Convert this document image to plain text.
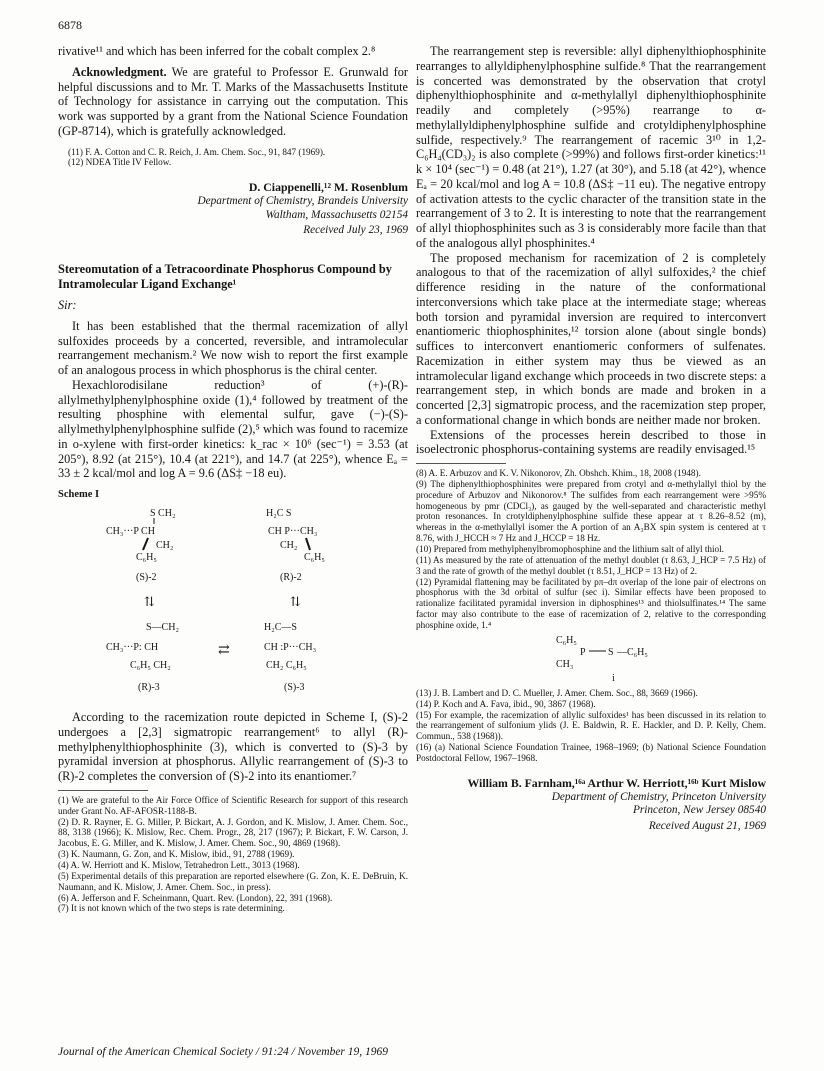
6878

rivative¹¹ and which has been inferred for the cobalt complex 2.⁸

Acknowledgment. We are grateful to Professor E. Grunwald for helpful discussions and to Mr. T. Marks of the Massachusetts Institute of Technology for assistance in carrying out the computation. This work was supported by a grant from the National Science Foundation (GP-8714), which is gratefully acknowledged.

(11) F. A. Cotton and C. R. Reich, J. Am. Chem. Soc., 91, 847 (1969).

(12) NDEA Title IV Fellow.

D. Ciappenelli,¹² M. Rosenblum

Department of Chemistry, Brandeis University

Waltham, Massachusetts 02154

Received July 23, 1969

Stereomutation of a Tetracoordinate Phosphorus Compound by Intramolecular Ligand Exchange¹

Sir:

It has been established that the thermal racemization of allyl sulfoxides proceeds by a concerted, reversible, and intramolecular rearrangement mechanism.² We now wish to report the first example of an analogous process in which phosphorus is the chiral center.

Hexachlorodisilane reduction³ of (+)-(R)-allylmethylphenylphosphine oxide (1),⁴ followed by treatment of the resulting phosphine with elemental sulfur, gave (−)-(S)-allylmethylphenylphosphine sulfide (2),⁵ which was found to racemize in o-xylene with first-order kinetics: k_rac × 10⁶ (sec⁻¹) = 3.53 (at 205°), 8.92 (at 215°), 10.4 (at 221°), and 14.7 (at 225°), whence Eₐ = 33 ± 2 kcal/mol and log A = 9.6 (ΔS‡ −18 eu).

Scheme I

S CH₂
CH₃···P CH
CH₂
C₆H₅
(S)-2
H₂C S
CH P···CH₃
CH₂
C₆H₅
(R)-2
⇅	⇅
S—CH₂
CH₃···P: CH
C₆H₅ CH₂
(R)-3
⇄
H₂C—S
CH :P···CH₃
CH₂ C₆H₅
(S)-3

According to the racemization route depicted in Scheme I, (S)-2 undergoes a [2,3] sigmatropic rearrangement⁶ to allyl (R)-methylphenylthiophosphinite (3), which is converted to (S)-3 by pyramidal inversion at phosphorus. Allylic rearrangement of (S)-3 to (R)-2 completes the conversion of (S)-2 into its enantiomer.⁷

(1) We are grateful to the Air Force Office of Scientific Research for support of this research under Grant No. AF-AFOSR-1188-B.

(2) D. R. Rayner, E. G. Miller, P. Bickart, A. J. Gordon, and K. Mislow, J. Amer. Chem. Soc., 88, 3138 (1966); K. Mislow, Rec. Chem. Progr., 28, 217 (1967); P. Bickart, F. W. Carson, J. Jacobus, E. G. Miller, and K. Mislow, J. Amer. Chem. Soc., 90, 4869 (1968).

(3) K. Naumann, G. Zon, and K. Mislow, ibid., 91, 2788 (1969).

(4) A. W. Herriott and K. Mislow, Tetrahedron Lett., 3013 (1968).

(5) Experimental details of this preparation are reported elsewhere (G. Zon, K. E. DeBruin, K. Naumann, and K. Mislow, J. Amer. Chem. Soc., in press).

(6) A. Jefferson and F. Scheinmann, Quart. Rev. (London), 22, 391 (1968).

(7) It is not known which of the two steps is rate determining.

The rearrangement step is reversible: allyl diphenylthiophosphinite rearranges to allyldiphenylphosphine sulfide.⁸ That the rearrangement is concerted was demonstrated by the observation that crotyl diphenylthiophosphinite and α-methylallyl diphenylthiophosphinite readily and completely (>95%) rearrange to α-methylallyldiphenylphosphine sulfide and crotyldiphenylphosphine sulfide, respectively.⁹ The rearrangement of racemic 3¹⁰ in 1,2-C₆H₄(CD₃)₂ is also complete (>99%) and follows first-order kinetics:¹¹ k × 10⁴ (sec⁻¹) = 0.48 (at 21°), 1.27 (at 30°), and 5.18 (at 42°), whence Eₐ = 20 kcal/mol and log A = 10.8 (ΔS‡ −11 eu). The negative entropy of activation attests to the cyclic character of the transition state in the rearrangement of 3 to 2. It is interesting to note that the rearrangement of allyl thiophosphinites such as 3 is considerably more facile than that of the analogous allyl phosphinites.⁴

The proposed mechanism for racemization of 2 is completely analogous to that of the racemization of allyl sulfoxides,² the chief difference residing in the nature of the conformational interconversions which take place at the intermediate stage; whereas both torsion and pyramidal inversion are required to interconvert enantiomeric thiophosphinites,¹² torsion alone (about single bonds) suffices to interconvert enantiomeric conformers of sulfenates. Racemization in either system may thus be viewed as an intramolecular ligand exchange which proceeds in two discrete steps: a rearrangement step, in which bonds are made and broken in a concerted [2,3] sigmatropic process, and the racemization step proper, a conformational change in which bonds are neither made nor broken.

Extensions of the processes herein described to those in isoelectronic phosphorus-containing systems are readily envisaged.¹⁵

(8) A. E. Arbuzov and K. V. Nikonorov, Zh. Obshch. Khim., 18, 2008 (1948).

(9) The diphenylthiophosphinites were prepared from crotyl and α-methylallyl thiol by the procedure of Arbuzov and Nikonorov.⁸ The sulfides from each rearrangement were >95% homogeneous by pmr (CDCl₃), as gauged by the well-separated and characteristic methyl proton resonances. In crotyldiphenylphosphine sulfide these appear at τ 8.26–8.52 (m), whereas in the α-methylallyl isomer the A portion of an A₃BX spin system is centered at τ 8.76, with J_HCCH ≈ 7 Hz and J_HCCP = 18 Hz.

(10) Prepared from methylphenylbromophosphine and the lithium salt of allyl thiol.

(11) As measured by the rate of attenuation of the methyl doublet (τ 8.63, J_HCP = 7.5 Hz) of 3 and the rate of growth of the methyl doublet (τ 8.51, J_HCP = 13 Hz) of 2.

(12) Pyramidal flattening may be facilitated by pπ–dπ overlap of the lone pair of electrons on phosphorus with the 3d orbital of sulfur (sec i). Similar effects have been proposed to rationalize facilitated pyramidal inversion in diphosphines¹³ and thiolsulfinates.¹⁴ The same factor may also contribute to the ease of racemization of 2, relative to the corresponding phosphine oxide, 1.⁴

C₆H₅
P S —C₆H₅
CH₃
i

(13) J. B. Lambert and D. C. Mueller, J. Amer. Chem. Soc., 88, 3669 (1966).

(14) P. Koch and A. Fava, ibid., 90, 3867 (1968).

(15) For example, the racemization of allylic sulfoxides¹ has been discussed in its relation to the rearrangement of sulfonium ylids (J. E. Baldwin, R. E. Hackler, and D. P. Kelly, Chem. Commun., 538 (1968)).

(16) (a) National Science Foundation Trainee, 1968–1969; (b) National Science Foundation Postdoctoral Fellow, 1967–1968.

William B. Farnham,¹⁶ᵃ Arthur W. Herriott,¹⁶ᵇ Kurt Mislow

Department of Chemistry, Princeton University

Princeton, New Jersey 08540

Received August 21, 1969

Journal of the American Chemical Society / 91:24 / November 19, 1969
